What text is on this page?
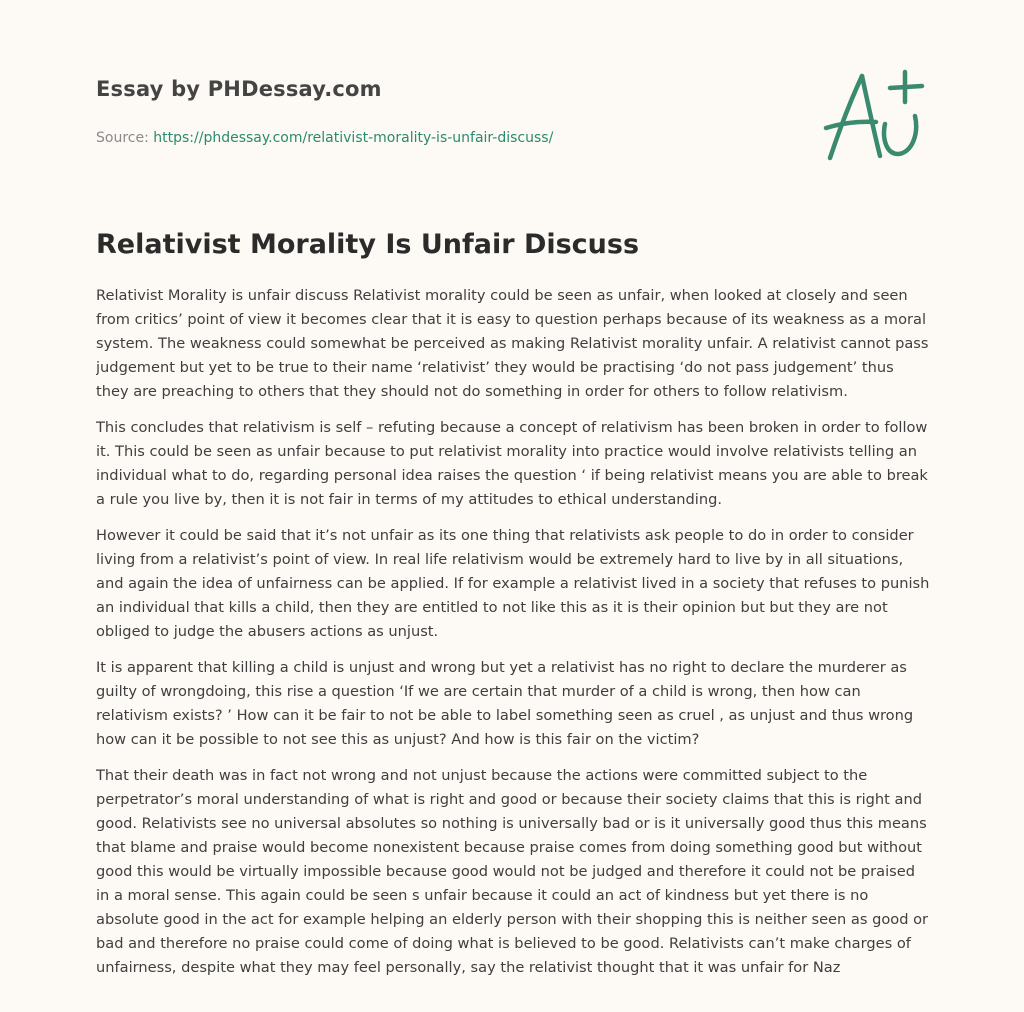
Essay by PHDessay.com
Source: https://phdessay.com/relativist-morality-is-unfair-discuss/
Relativist Morality Is Unfair Discuss

Relativist Morality is unfair discuss Relativist morality could be seen as unfair, when looked at closely and seen from critics’ point of view it becomes clear that it is easy to question perhaps because of its weakness as a moral system. The weakness could somewhat be perceived as making Relativist morality unfair. A relativist cannot pass judgement but yet to be true to their name ‘relativist’ they would be practising ‘do not pass judgement’ thus they are preaching to others that they should not do something in order for others to follow relativism.

This concludes that relativism is self – refuting because a concept of relativism has been broken in order to follow it. This could be seen as unfair because to put relativist morality into practice would involve relativists telling an individual what to do, regarding personal idea raises the question ‘ if being relativist means you are able to break a rule you live by, then it is not fair in terms of my attitudes to ethical understanding.

However it could be said that it’s not unfair as its one thing that relativists ask people to do in order to consider living from a relativist’s point of view. In real life relativism would be extremely hard to live by in all situations, and again the idea of unfairness can be applied. If for example a relativist lived in a society that refuses to punish an individual that kills a child, then they are entitled to not like this as it is their opinion but but they are not obliged to judge the abusers actions as unjust.

It is apparent that killing a child is unjust and wrong but yet a relativist has no right to declare the murderer as guilty of wrongdoing, this rise a question ‘If we are certain that murder of a child is wrong, then how can relativism exists? ’ How can it be fair to not be able to label something seen as cruel , as unjust and thus wrong how can it be possible to not see this as unjust? And how is this fair on the victim?

That their death was in fact not wrong and not unjust because the actions were committed subject to the perpetrator’s moral understanding of what is right and good or because their society claims that this is right and good. Relativists see no universal absolutes so nothing is universally bad or is it universally good thus this means that blame and praise would become nonexistent because praise comes from doing something good but without good this would be virtually impossible because good would not be judged and therefore it could not be praised in a moral sense. This again could be seen s unfair because it could an act of kindness but yet there is no absolute good in the act for example helping an elderly person with their shopping this is neither seen as good or bad and therefore no praise could come of doing what is believed to be good. Relativists can’t make charges of unfairness, despite what they may feel personally, say the relativist thought that it was unfair for Naz
